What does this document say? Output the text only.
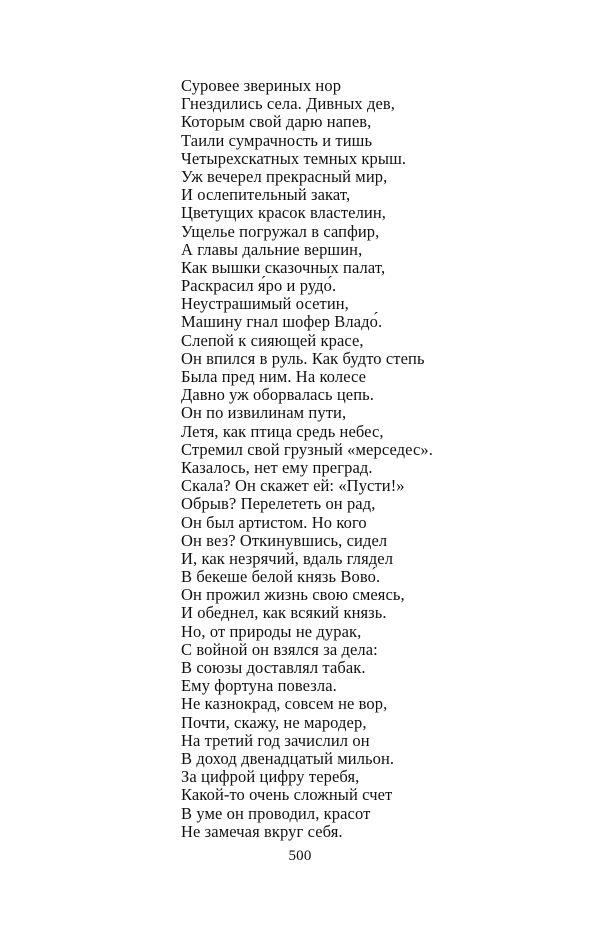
Суровее звериных нор
Гнездились села. Дивных дев,
Которым свой дарю напев,
Таили сумрачность и тишь
Четырехскатных темных крыш.
Уж вечерел прекрасный мир,
И ослепительный закат,
Цветущих красок властелин,
Ущелье погружал в сапфир,
А главы дальние вершин,
Как вышки сказочных палат,
Раскрасил я́ро и рудо́.
Неустрашимый осетин,
Машину гнал шофер Владо́.
Слепой к сияющей красе,
Он впился в руль. Как будто степь
Была пред ним. На колесе
Давно уж оборвалась цепь.
Он по извилинам пути,
Летя, как птица средь небес,
Стремил свой грузный «мерседес».
Казалось, нет ему преград.
Скала? Он скажет ей: «Пусти!»
Обрыв? Перелететь он рад,
Он был артистом. Но кого
Он вез? Откинувшись, сидел
И, как незрячий, вдаль глядел
В бекеше белой князь Вово́.
Он прожил жизнь свою смеясь,
И обеднел, как всякий князь.
Но, от природы не дурак,
С войной он взялся за дела:
В союзы доставлял табак.
Ему фортуна повезла.
Не казнокрад, совсем не вор,
Почти, скажу, не мародер,
На третий год зачислил он
В доход двенадцатый мильон.
За цифрой цифру теребя,
Какой-то очень сложный счет
В уме он проводил, красот
Не замечая вкруг себя.
500
